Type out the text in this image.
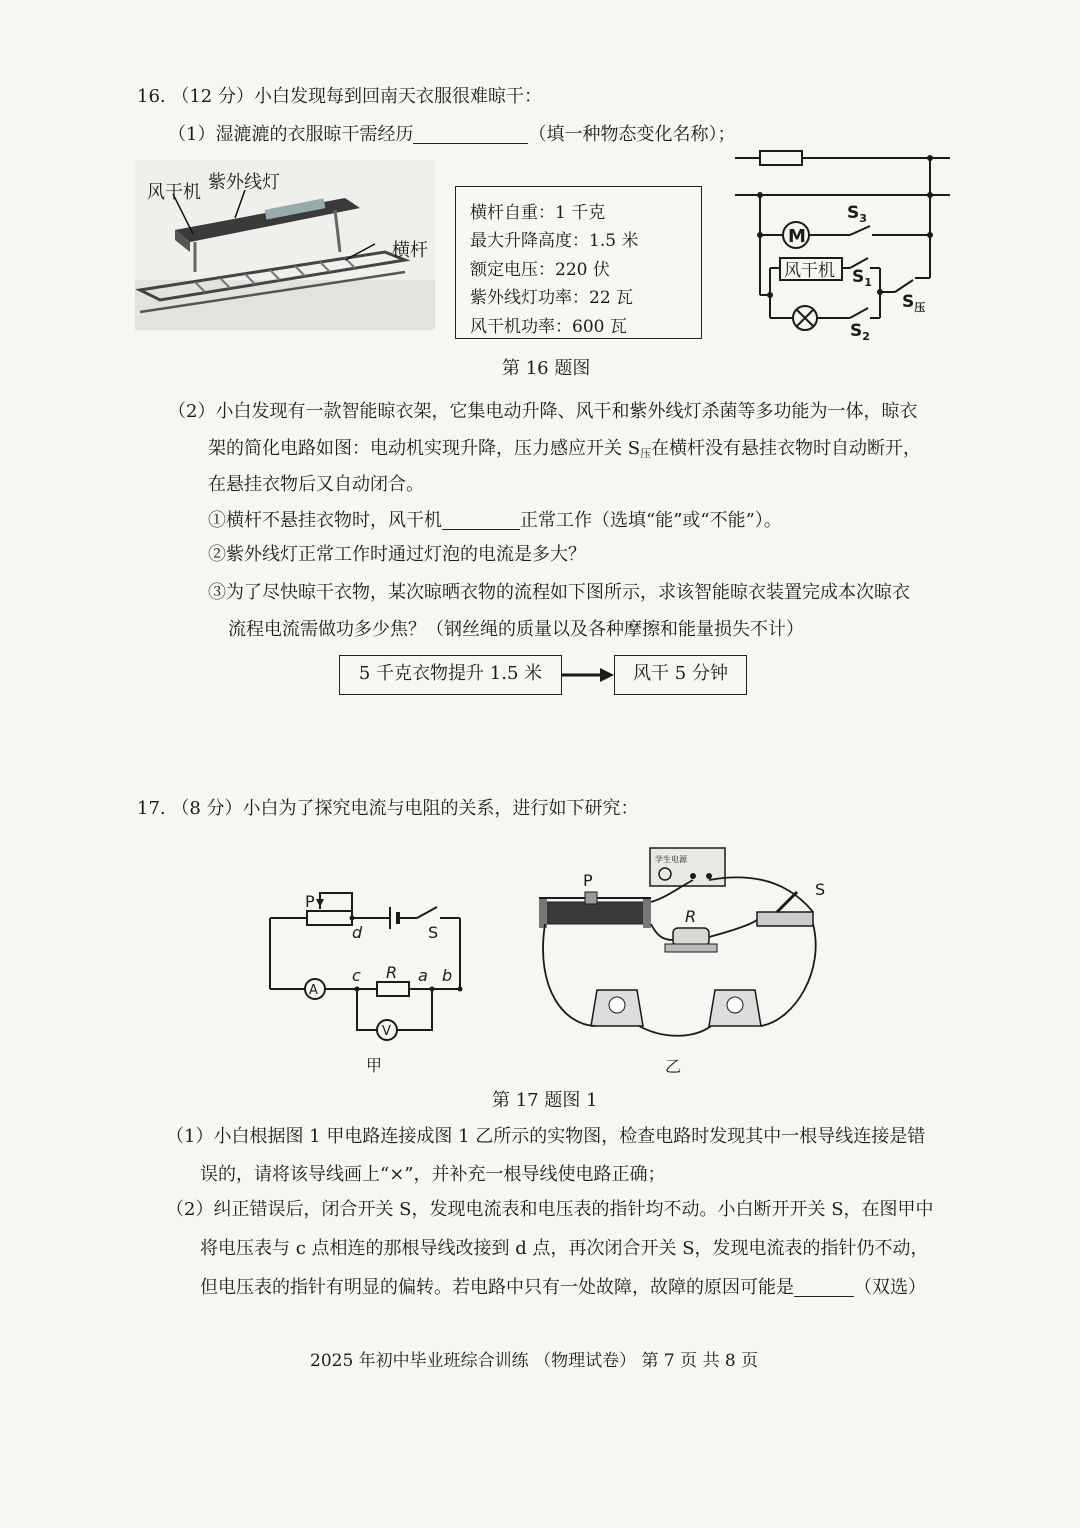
16. （12 分）小白发现每到回南天衣服很难晾干：
（1）湿漉漉的衣服晾干需经历	（填一种物态变化名称）；
风干机 紫外线灯
横杆
横杆自重：1 千克
最大升降高度：1.5 米
额定电压：220 伏
紫外线灯功率：22 瓦
风干机功率：600 瓦
M
风干机
$S_3$
$S_1$
$S_2$
$S_压$
第 16 题图
（2）小白发现有一款智能晾衣架，它集电动升降、风干和紫外线灯杀菌等多功能为一体，晾衣
架的简化电路如图：电动机实现升降，压力感应开关 $S_压$在横杆没有悬挂衣物时自动断开，
在悬挂衣物后又自动闭合。
①横杆不悬挂衣物时，风干机	正常工作（选填“能”或“不能”）。
②紫外线灯正常工作时通过灯泡的电流是多大？
③为了尽快晾干衣物，某次晾晒衣物的流程如下图所示，求该智能晾衣装置完成本次晾衣
流程电流需做功多少焦？（钢丝绳的质量以及各种摩擦和能量损失不计）
5 千克衣物提升 1.5 米	风干 5 分钟
17. （8 分）小白为了探究电流与电阻的关系，进行如下研究：
P
d	S
A
c R a b
V
甲
学生电源
P
R
S
乙
第 17 题图 1
（1）小白根据图 1 甲电路连接成图 1 乙所示的实物图，检查电路时发现其中一根导线连接是错
误的，请将该导线画上“×”，并补充一根导线使电路正确；
（2）纠正错误后，闭合开关 S，发现电流表和电压表的指针均不动。小白断开开关 S，在图甲中
将电压表与 c 点相连的那根导线改接到 d 点，再次闭合开关 S，发现电流表的指针仍不动，
但电压表的指针有明显的偏转。若电路中只有一处故障，故障的原因可能是	（双选）
2025 年初中毕业班综合训练 （物理试卷） 第 7 页 共 8 页
